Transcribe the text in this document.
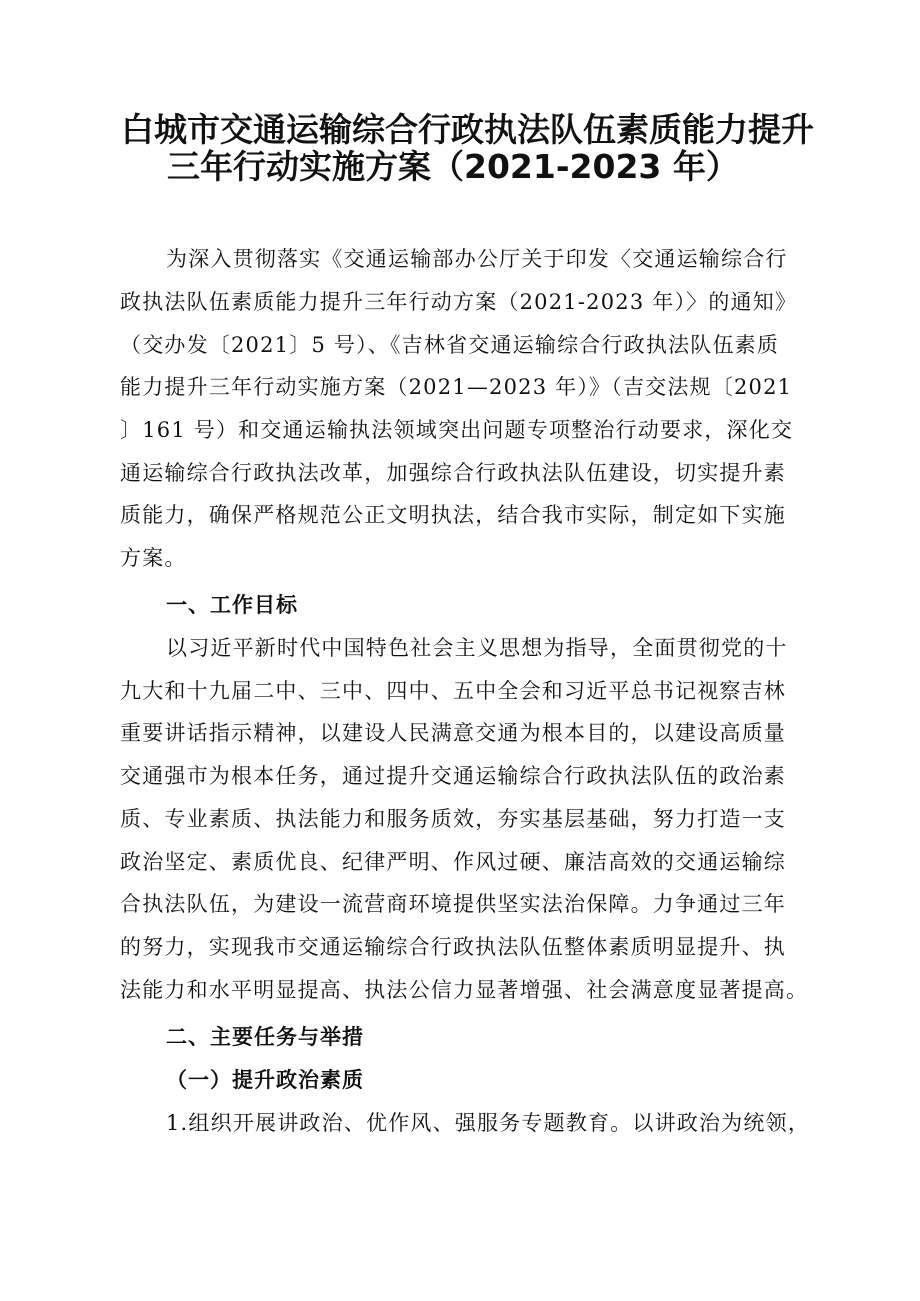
白城市交通运输综合行政执法队伍素质能力提升
三年行动实施方案（2021-2023 年）
为深入贯彻落实《交通运输部办公厅关于印发〈交通运输综合行
政执法队伍素质能力提升三年行动方案（2021-2023 年）〉的通知》
（交办发〔2021〕5 号）、《吉林省交通运输综合行政执法队伍素质
能力提升三年行动实施方案（2021—2023 年）》（吉交法规〔2021
〕161 号）和交通运输执法领域突出问题专项整治行动要求，深化交
通运输综合行政执法改革，加强综合行政执法队伍建设，切实提升素
质能力，确保严格规范公正文明执法，结合我市实际，制定如下实施
方案。
一、工作目标
以习近平新时代中国特色社会主义思想为指导，全面贯彻党的十
九大和十九届二中、三中、四中、五中全会和习近平总书记视察吉林
重要讲话指示精神，以建设人民满意交通为根本目的，以建设高质量
交通强市为根本任务，通过提升交通运输综合行政执法队伍的政治素
质、专业素质、执法能力和服务质效，夯实基层基础，努力打造一支
政治坚定、素质优良、纪律严明、作风过硬、廉洁高效的交通运输综
合执法队伍，为建设一流营商环境提供坚实法治保障。力争通过三年
的努力，实现我市交通运输综合行政执法队伍整体素质明显提升、执
法能力和水平明显提高、执法公信力显著增强、社会满意度显著提高。
二、主要任务与举措
（一）提升政治素质
1.组织开展讲政治、优作风、强服务专题教育。以讲政治为统领，
